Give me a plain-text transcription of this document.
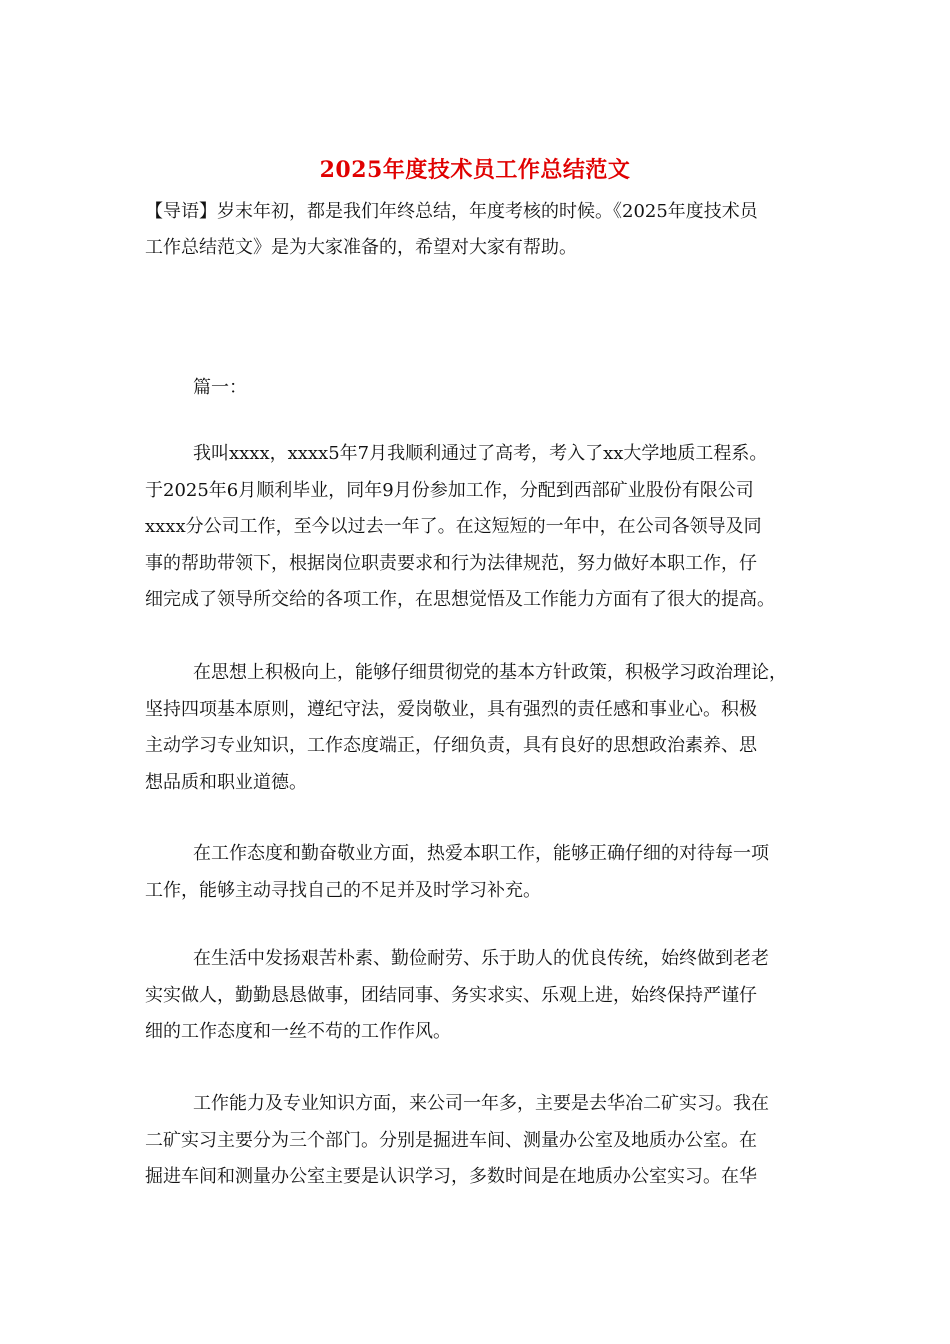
2025年度技术员工作总结范文
【导语】岁末年初，都是我们年终总结，年度考核的时候。《2025年度技术员
工作总结范文》是为大家准备的，希望对大家有帮助。
篇一：
我叫xxxx，xxxx5年7月我顺利通过了高考，考入了xx大学地质工程系。
于2025年6月顺利毕业，同年9月份参加工作，分配到西部矿业股份有限公司
xxxx分公司工作，至今以过去一年了。在这短短的一年中，在公司各领导及同
事的帮助带领下，根据岗位职责要求和行为法律规范，努力做好本职工作，仔
细完成了领导所交给的各项工作，在思想觉悟及工作能力方面有了很大的提高。
在思想上积极向上，能够仔细贯彻党的基本方针政策，积极学习政治理论，
坚持四项基本原则，遵纪守法，爱岗敬业，具有强烈的责任感和事业心。积极
主动学习专业知识，工作态度端正，仔细负责，具有良好的思想政治素养、思
想品质和职业道德。
在工作态度和勤奋敬业方面，热爱本职工作，能够正确仔细的对待每一项
工作，能够主动寻找自己的不足并及时学习补充。
在生活中发扬艰苦朴素、勤俭耐劳、乐于助人的优良传统，始终做到老老
实实做人，勤勤恳恳做事，团结同事、务实求实、乐观上进，始终保持严谨仔
细的工作态度和一丝不苟的工作作风。
工作能力及专业知识方面，来公司一年多，主要是去华冶二矿实习。我在
二矿实习主要分为三个部门。分别是掘进车间、测量办公室及地质办公室。在
掘进车间和测量办公室主要是认识学习，多数时间是在地质办公室实习。在华
